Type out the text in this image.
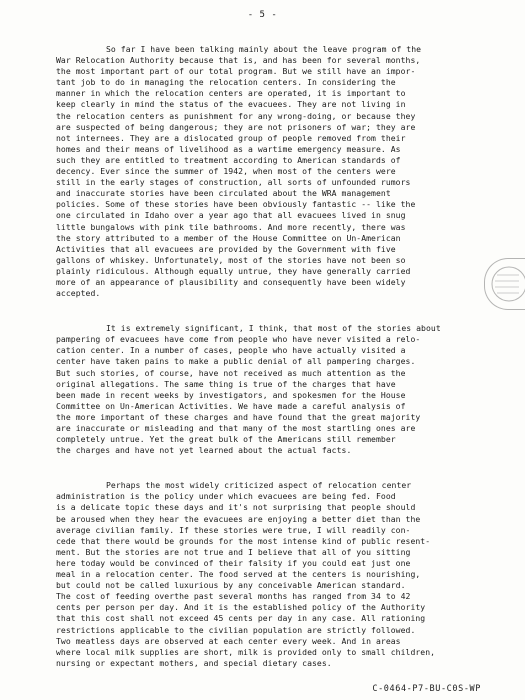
- 5 -

So far I have been talking mainly about the leave program of the
War Relocation Authority because that is, and has been for several months,
the most important part of our total program. But we still have an impor-
tant job to do in managing the relocation centers. In considering the
manner in which the relocation centers are operated, it is important to
keep clearly in mind the status of the evacuees. They are not living in
the relocation centers as punishment for any wrong-doing, or because they
are suspected of being dangerous; they are not prisoners of war; they are
not internees. They are a dislocated group of people removed from their
homes and their means of livelihood as a wartime emergency measure. As
such they are entitled to treatment according to American standards of
decency. Ever since the summer of 1942, when most of the centers were
still in the early stages of construction, all sorts of unfounded rumors
and inaccurate stories have been circulated about the WRA management
policies. Some of these stories have been obviously fantastic -- like the
one circulated in Idaho over a year ago that all evacuees lived in snug
little bungalows with pink tile bathrooms. And more recently, there was
the story attributed to a member of the House Committee on Un-American
Activities that all evacuees are provided by the Government with five
gallons of whiskey. Unfortunately, most of the stories have not been so
plainly ridiculous. Although equally untrue, they have generally carried
more of an appearance of plausibility and consequently have been widely
accepted.

It is extremely significant, I think, that most of the stories about
pampering of evacuees have come from people who have never visited a relo-
cation center. In a number of cases, people who have actually visited a
center have taken pains to make a public denial of all pampering charges.
But such stories, of course, have not received as much attention as the
original allegations. The same thing is true of the charges that have
been made in recent weeks by investigators, and spokesmen for the House
Committee on Un-American Activities. We have made a careful analysis of
the more important of these charges and have found that the great majority
are inaccurate or misleading and that many of the most startling ones are
completely untrue. Yet the great bulk of the Americans still remember
the charges and have not yet learned about the actual facts.

Perhaps the most widely criticized aspect of relocation center
administration is the policy under which evacuees are being fed. Food
is a delicate topic these days and it's not surprising that people should
be aroused when they hear the evacuees are enjoying a better diet than the
average civilian family. If these stories were true, I will readily con-
cede that there would be grounds for the most intense kind of public resent-
ment. But the stories are not true and I believe that all of you sitting
here today would be convinced of their falsity if you could eat just one
meal in a relocation center. The food served at the centers is nourishing,
but could not be called luxurious by any conceivable American standard.
The cost of feeding overthe past several months has ranged from 34 to 42
cents per person per day. And it is the established policy of the Authority
that this cost shall not exceed 45 cents per day in any case. All rationing
restrictions applicable to the civilian population are strictly followed.
Two meatless days are observed at each center every week. And in areas
where local milk supplies are short, milk is provided only to small children,
nursing or expectant mothers, and special dietary cases.

C-0464-P7-BU-C0S-WP
